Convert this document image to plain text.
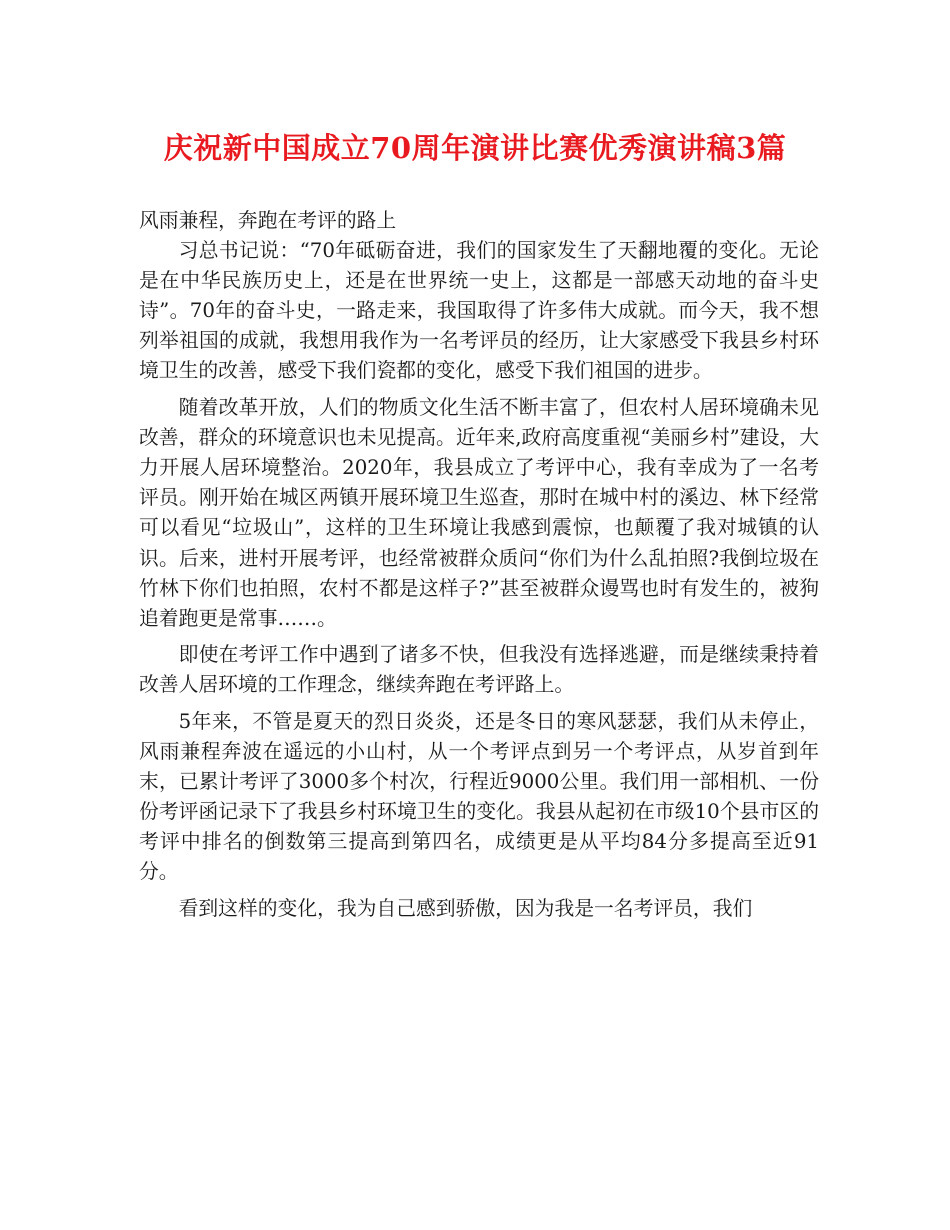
庆祝新中国成立70周年演讲比赛优秀演讲稿3篇

风雨兼程，奔跑在考评的路上

习总书记说：“70年砥砺奋进，我们的国家发生了天翻地覆的变化。无论是在中华民族历史上，还是在世界统一史上，这都是一部感天动地的奋斗史诗”。70年的奋斗史，一路走来，我国取得了许多伟大成就。而今天，我不想列举祖国的成就，我想用我作为一名考评员的经历，让大家感受下我县乡村环境卫生的改善，感受下我们瓷都的变化，感受下我们祖国的进步。

随着改革开放，人们的物质文化生活不断丰富了，但农村人居环境确未见改善，群众的环境意识也未见提高。近年来,政府高度重视“美丽乡村”建设，大力开展人居环境整治。2020年，我县成立了考评中心，我有幸成为了一名考评员。刚开始在城区两镇开展环境卫生巡查，那时在城中村的溪边、林下经常可以看见“垃圾山”，这样的卫生环境让我感到震惊，也颠覆了我对城镇的认识。后来，进村开展考评，也经常被群众质问“你们为什么乱拍照?我倒垃圾在竹林下你们也拍照，农村不都是这样子?”甚至被群众谩骂也时有发生的，被狗追着跑更是常事……。

即使在考评工作中遇到了诸多不快，但我没有选择逃避，而是继续秉持着改善人居环境的工作理念，继续奔跑在考评路上。

5年来，不管是夏天的烈日炎炎，还是冬日的寒风瑟瑟，我们从未停止，风雨兼程奔波在遥远的小山村，从一个考评点到另一个考评点，从岁首到年末，已累计考评了3000多个村次，行程近9000公里。我们用一部相机、一份份考评函记录下了我县乡村环境卫生的变化。我县从起初在市级10个县市区的考评中排名的倒数第三提高到第四名，成绩更是从平均84分多提高至近91分。

看到这样的变化，我为自己感到骄傲，因为我是一名考评员，我们
